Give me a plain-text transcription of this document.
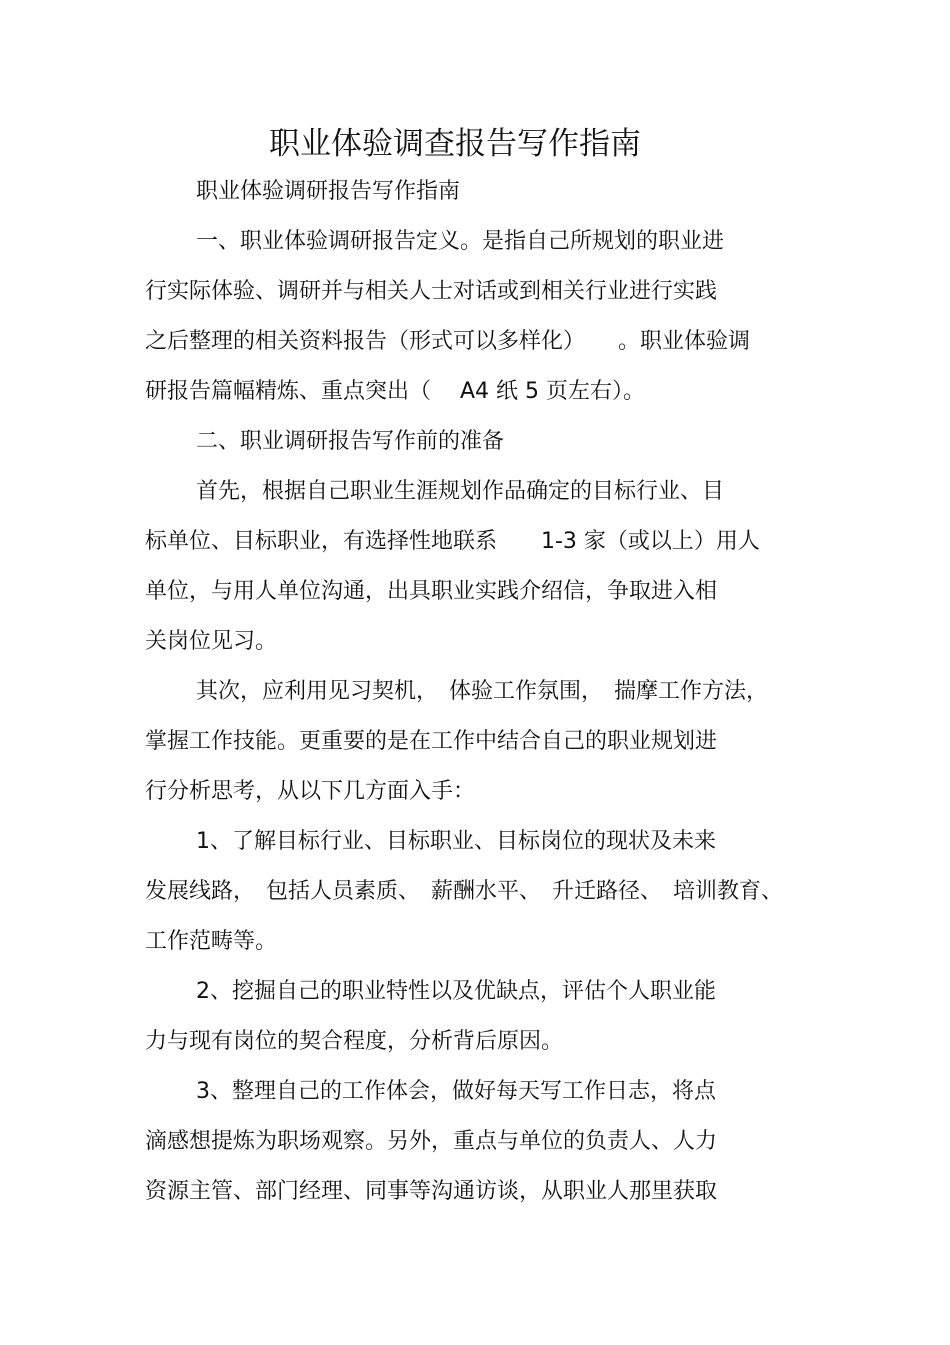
职业体验调查报告写作指南

职业体验调研报告写作指南

一、职业体验调研报告定义。是指自己所规划的职业进

行实际体验、调研并与相关人士对话或到相关行业进行实践

之后整理的相关资料报告（形式可以多样化）　　。职业体验调

研报告篇幅精炼、重点突出（　 A4 纸 5 页左右）。

二、职业调研报告写作前的准备

首先，根据自己职业生涯规划作品确定的目标行业、目

标单位、目标职业，有选择性地联系　　1-3 家（或以上）用人

单位，与用人单位沟通，出具职业实践介绍信，争取进入相

关岗位见习。

其次，应利用见习契机，　体验工作氛围，　揣摩工作方法，

掌握工作技能。更重要的是在工作中结合自己的职业规划进

行分析思考，从以下几方面入手：

1、了解目标行业、目标职业、目标岗位的现状及未来

发展线路，　包括人员素质、　薪酬水平、　升迁路径、　培训教育、

工作范畴等。

2、挖掘自己的职业特性以及优缺点，评估个人职业能

力与现有岗位的契合程度，分析背后原因。

3、整理自己的工作体会，做好每天写工作日志，将点

滴感想提炼为职场观察。另外，重点与单位的负责人、人力

资源主管、部门经理、同事等沟通访谈，从职业人那里获取
